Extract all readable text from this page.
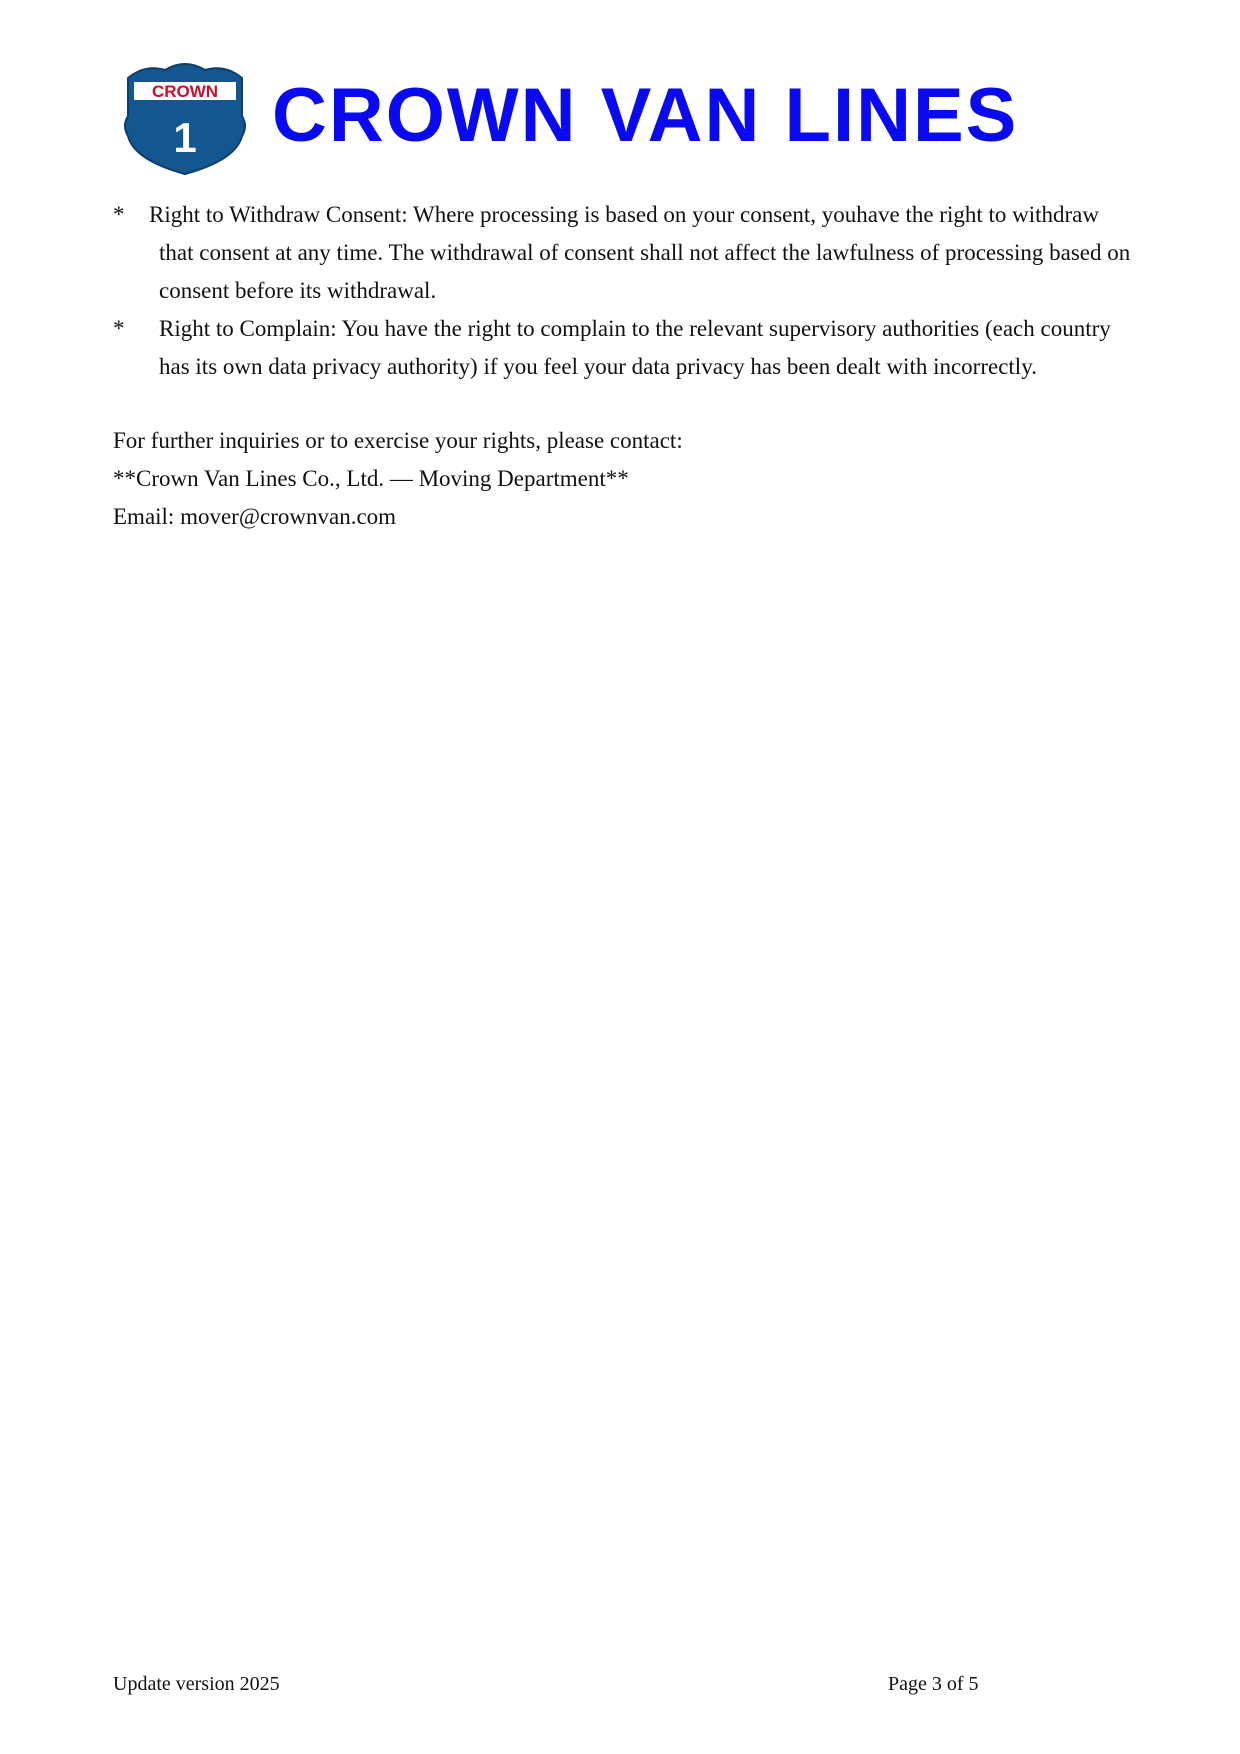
CROWN
1 CROWN VAN LINES
* Right to Withdraw Consent: Where processing is based on your consent, youhave the right to withdraw
that consent at any time. The withdrawal of consent shall not affect the lawfulness of processing based on consent before its withdrawal.
* Right to Complain: You have the right to complain to the relevant supervisory authorities (each country
has its own data privacy authority) if you feel your data privacy has been dealt with incorrectly.
For further inquiries or to exercise your rights, please contact:
**Crown Van Lines Co., Ltd. — Moving Department**
Email: mover@crownvan.com
Update version 2025	Page 3 of 5
